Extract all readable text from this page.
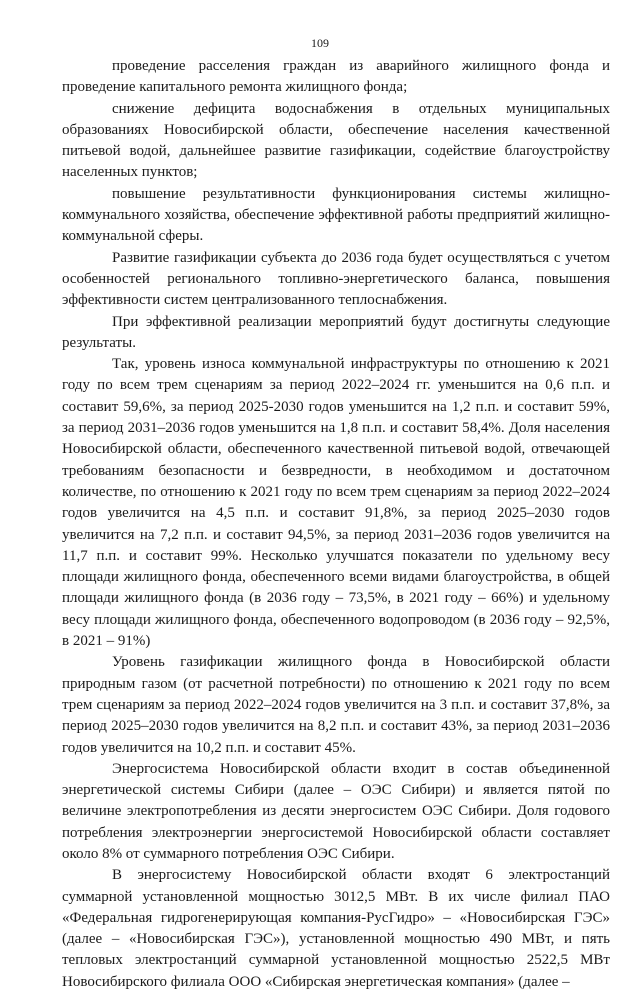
109

проведение расселения граждан из аварийного жилищного фонда и проведение капитального ремонта жилищного фонда;

снижение дефицита водоснабжения в отдельных муниципальных образованиях Новосибирской области, обеспечение населения качественной питьевой водой, дальнейшее развитие газификации, содействие благоустройству населенных пунктов;

повышение результативности функционирования системы жилищно-коммунального хозяйства, обеспечение эффективной работы предприятий жилищно-коммунальной сферы.

Развитие газификации субъекта до 2036 года будет осуществляться с учетом особенностей регионального топливно-энергетического баланса, повышения эффективности систем централизованного теплоснабжения.

При эффективной реализации мероприятий будут достигнуты следующие результаты.

Так, уровень износа коммунальной инфраструктуры по отношению к 2021 году по всем трем сценариям за период 2022–2024 гг. уменьшится на 0,6 п.п. и составит 59,6%, за период 2025-2030 годов уменьшится на 1,2 п.п. и составит 59%, за период 2031–2036 годов уменьшится на 1,8 п.п. и составит 58,4%. Доля населения Новосибирской области, обеспеченного качественной питьевой водой, отвечающей требованиям безопасности и безвредности, в необходимом и достаточном количестве, по отношению к 2021 году по всем трем сценариям за период 2022–2024 годов увеличится на 4,5 п.п. и составит 91,8%, за период 2025–2030 годов увеличится на 7,2 п.п. и составит 94,5%, за период 2031–2036 годов увеличится на 11,7 п.п. и составит 99%. Несколько улучшатся показатели по удельному весу площади жилищного фонда, обеспеченного всеми видами благоустройства, в общей площади жилищного фонда (в 2036 году – 73,5%, в 2021 году – 66%) и удельному весу площади жилищного фонда, обеспеченного водопроводом (в 2036 году – 92,5%, в 2021 – 91%)

Уровень газификации жилищного фонда в Новосибирской области природным газом (от расчетной потребности) по отношению к 2021 году по всем трем сценариям за период 2022–2024 годов увеличится на 3 п.п. и составит 37,8%, за период 2025–2030 годов увеличится на 8,2 п.п. и составит 43%, за период 2031–2036 годов увеличится на 10,2 п.п. и составит 45%.

Энергосистема Новосибирской области входит в состав объединенной энергетической системы Сибири (далее – ОЭС Сибири) и является пятой по величине электропотребления из десяти энергосистем ОЭС Сибири. Доля годового потребления электроэнергии энергосистемой Новосибирской области составляет около 8% от суммарного потребления ОЭС Сибири.

В энергосистему Новосибирской области входят 6 электростанций суммарной установленной мощностью 3012,5 МВт. В их числе филиал ПАО «Федеральная гидрогенерирующая компания-РусГидро» – «Новосибирская ГЭС» (далее – «Новосибирская ГЭС»), установленной мощностью 490 МВт, и пять тепловых электростанций суммарной установленной мощностью 2522,5 МВт Новосибирского филиала ООО «Сибирская энергетическая компания» (далее –
